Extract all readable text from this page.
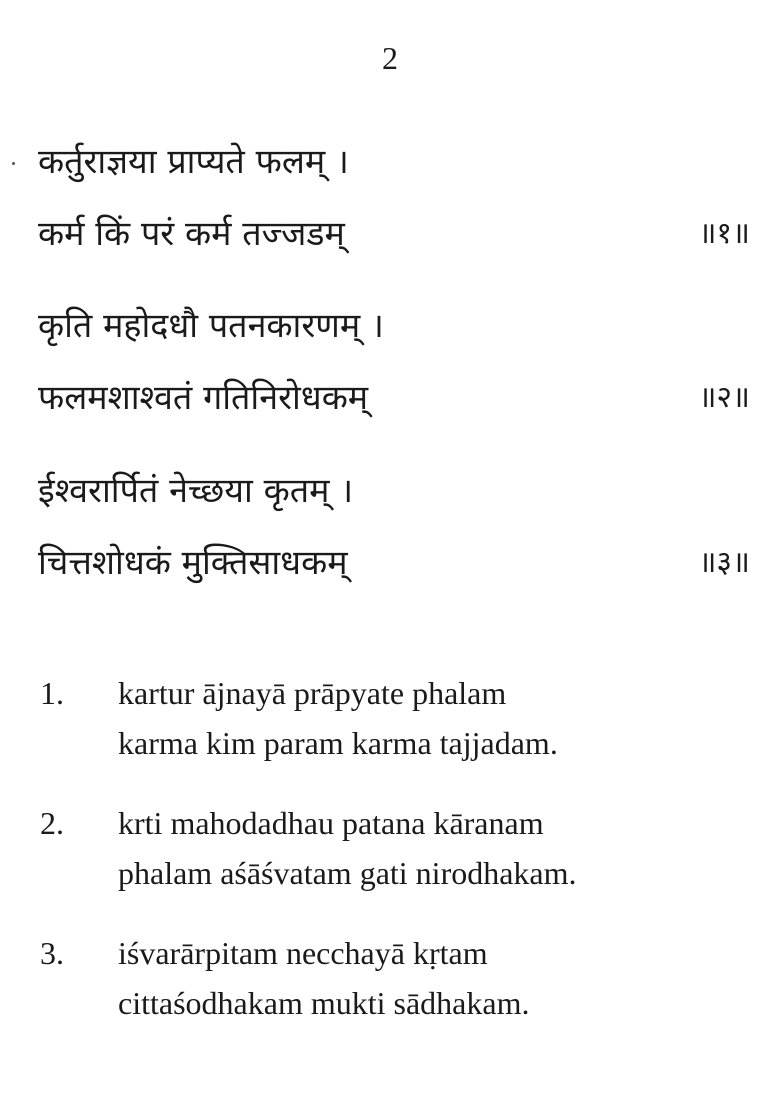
2
कर्तुराज्ञया प्राप्यते फलम् ।
कर्म किं परं कर्म तज्जडम्	॥१॥
कृति महोदधौ पतनकारणम् ।
फलमशाश्वतं गतिनिरोधकम्	॥२॥
ईश्वरार्पितं नेच्छया कृतम् ।
चित्तशोधकं मुक्तिसाधकम्	॥३॥
1.	kartur ājnayā prāpyate phalam
karma kim param karma tajjadam.
2.	krti mahodadhau patana kāranam
phalam aśāśvatam gati nirodhakam.
3.	iśvarārpitam necchayā kṛtam
cittaśodhakam mukti sādhakam.
